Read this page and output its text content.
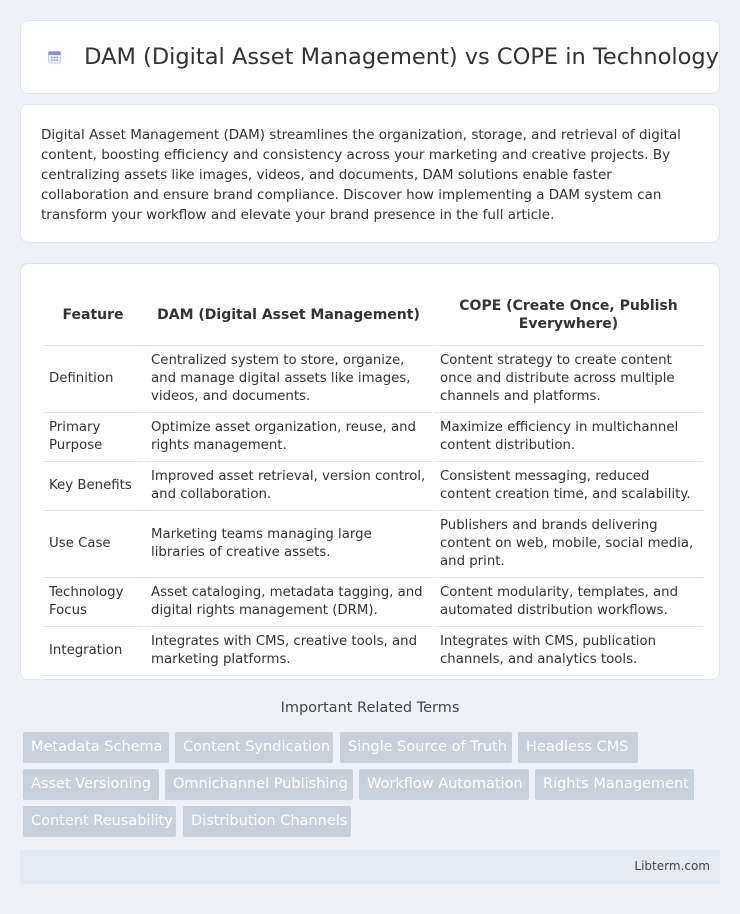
DAM (Digital Asset Management) vs COPE in Technology

Digital Asset Management (DAM) streamlines the organization, storage, and retrieval of digital content, boosting efficiency and consistency across your marketing and creative projects. By centralizing assets like images, videos, and documents, DAM solutions enable faster collaboration and ensure brand compliance. Discover how implementing a DAM system can transform your workflow and elevate your brand presence in the full article.

Feature	DAM (Digital Asset Management)	COPE (Create Once, Publish Everywhere)
Definition	Centralized system to store, organize, and manage digital assets like images, videos, and documents.	Content strategy to create content once and distribute across multiple channels and platforms.
Primary Purpose	Optimize asset organization, reuse, and rights management.	Maximize efficiency in multichannel content distribution.
Key Benefits	Improved asset retrieval, version control, and collaboration.	Consistent messaging, reduced content creation time, and scalability.
Use Case	Marketing teams managing large libraries of creative assets.	Publishers and brands delivering content on web, mobile, social media, and print.
Technology Focus	Asset cataloging, metadata tagging, and digital rights management (DRM).	Content modularity, templates, and automated distribution workflows.
Integration	Integrates with CMS, creative tools, and marketing platforms.	Integrates with CMS, publication channels, and analytics tools.
Important Related Terms
Metadata Schema	Content Syndication	Single Source of Truth	Headless CMS
Asset Versioning	Omnichannel Publishing	Workflow Automation	Rights Management
Content Reusability	Distribution Channels
Libterm.com
